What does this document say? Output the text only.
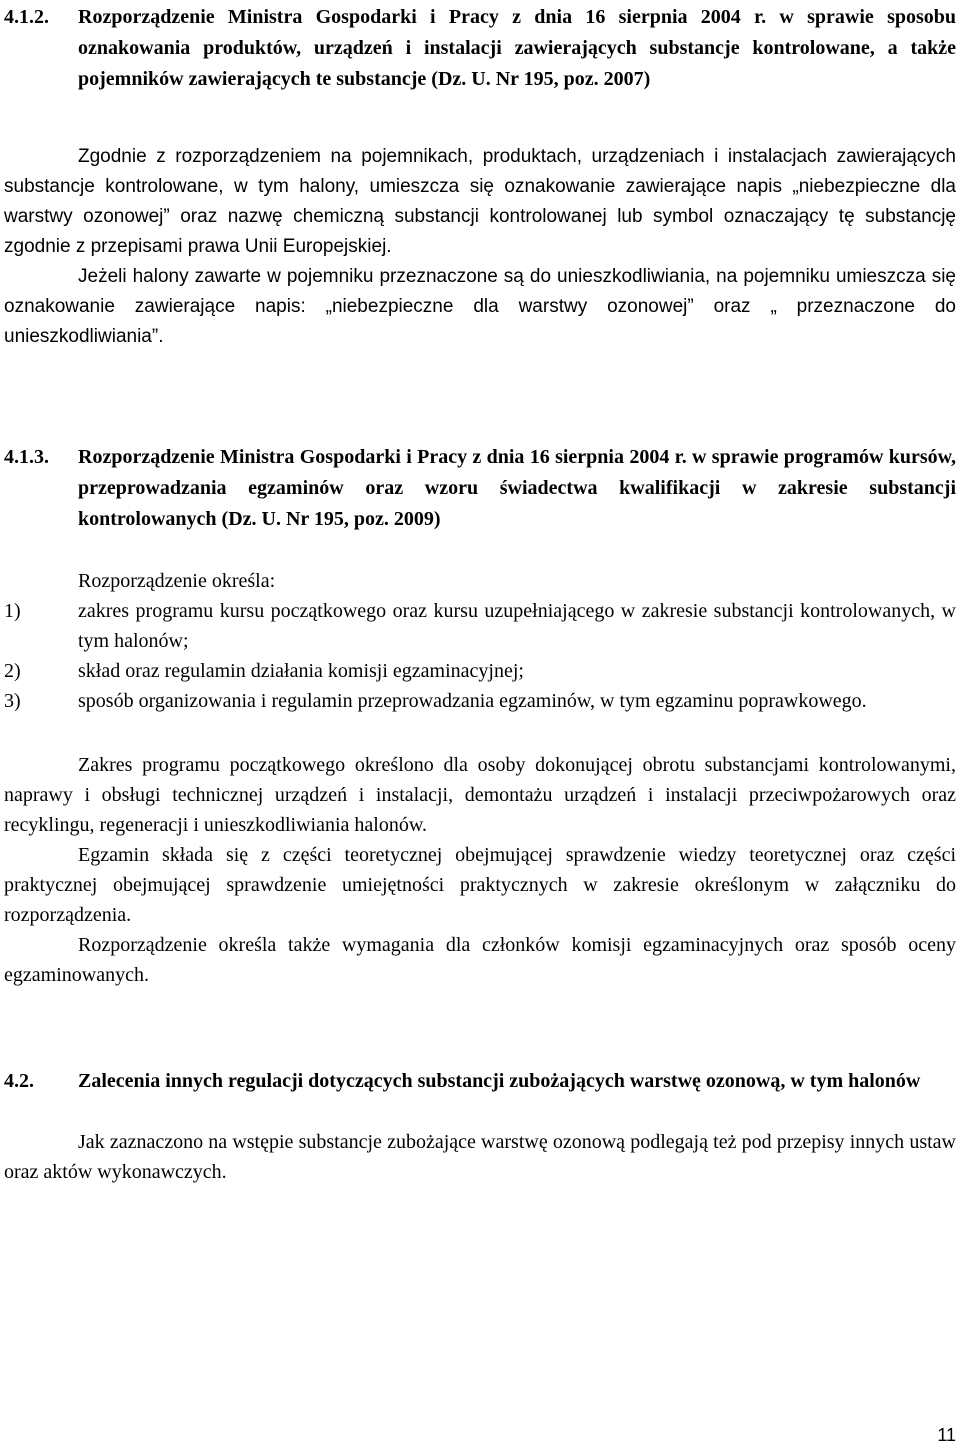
4.1.2.	Rozporządzenie Ministra Gospodarki i Pracy z dnia 16 sierpnia 2004 r. w sprawie sposobu oznakowania produktów, urządzeń i instalacji zawierających substancje kontrolowane, a także pojemników zawierających te substancje (Dz. U. Nr 195, poz. 2007)

Zgodnie z rozporządzeniem na pojemnikach, produktach, urządzeniach i instalacjach zawierających substancje kontrolowane, w tym halony, umieszcza się oznakowanie zawierające napis „niebezpieczne dla warstwy ozonowej” oraz nazwę chemiczną substancji kontrolowanej lub symbol oznaczający tę substancję zgodnie z przepisami prawa Unii Europejskiej.

Jeżeli halony zawarte w pojemniku przeznaczone są do unieszkodliwiania, na pojemniku umieszcza się oznakowanie zawierające napis: „niebezpieczne dla warstwy ozonowej” oraz „ przeznaczone do unieszkodliwiania”.

4.1.3.	Rozporządzenie Ministra Gospodarki i Pracy z dnia 16 sierpnia 2004 r. w sprawie programów kursów, przeprowadzania egzaminów oraz wzoru świadectwa kwalifikacji w zakresie substancji kontrolowanych (Dz. U. Nr 195, poz. 2009)

Rozporządzenie określa:

1)	zakres programu kursu początkowego oraz kursu uzupełniającego w zakresie substancji kontrolowanych, w tym halonów;
2)	skład oraz regulamin działania komisji egzaminacyjnej;
3)	sposób organizowania i regulamin przeprowadzania egzaminów, w tym egzaminu poprawkowego.

Zakres programu początkowego określono dla osoby dokonującej obrotu substancjami kontrolowanymi, naprawy i obsługi technicznej urządzeń i instalacji, demontażu urządzeń i instalacji przeciwpożarowych oraz recyklingu, regeneracji i unieszkodliwiania halonów.

Egzamin składa się z części teoretycznej obejmującej sprawdzenie wiedzy teoretycznej oraz części praktycznej obejmującej sprawdzenie umiejętności praktycznych w zakresie określonym w załączniku do rozporządzenia.

Rozporządzenie określa także wymagania dla członków komisji egzaminacyjnych oraz sposób oceny egzaminowanych.

4.2.	Zalecenia innych regulacji dotyczących substancji zubożających warstwę ozonową, w tym halonów

Jak zaznaczono na wstępie substancje zubożające warstwę ozonową podlegają też pod przepisy innych ustaw oraz aktów wykonawczych.

11
